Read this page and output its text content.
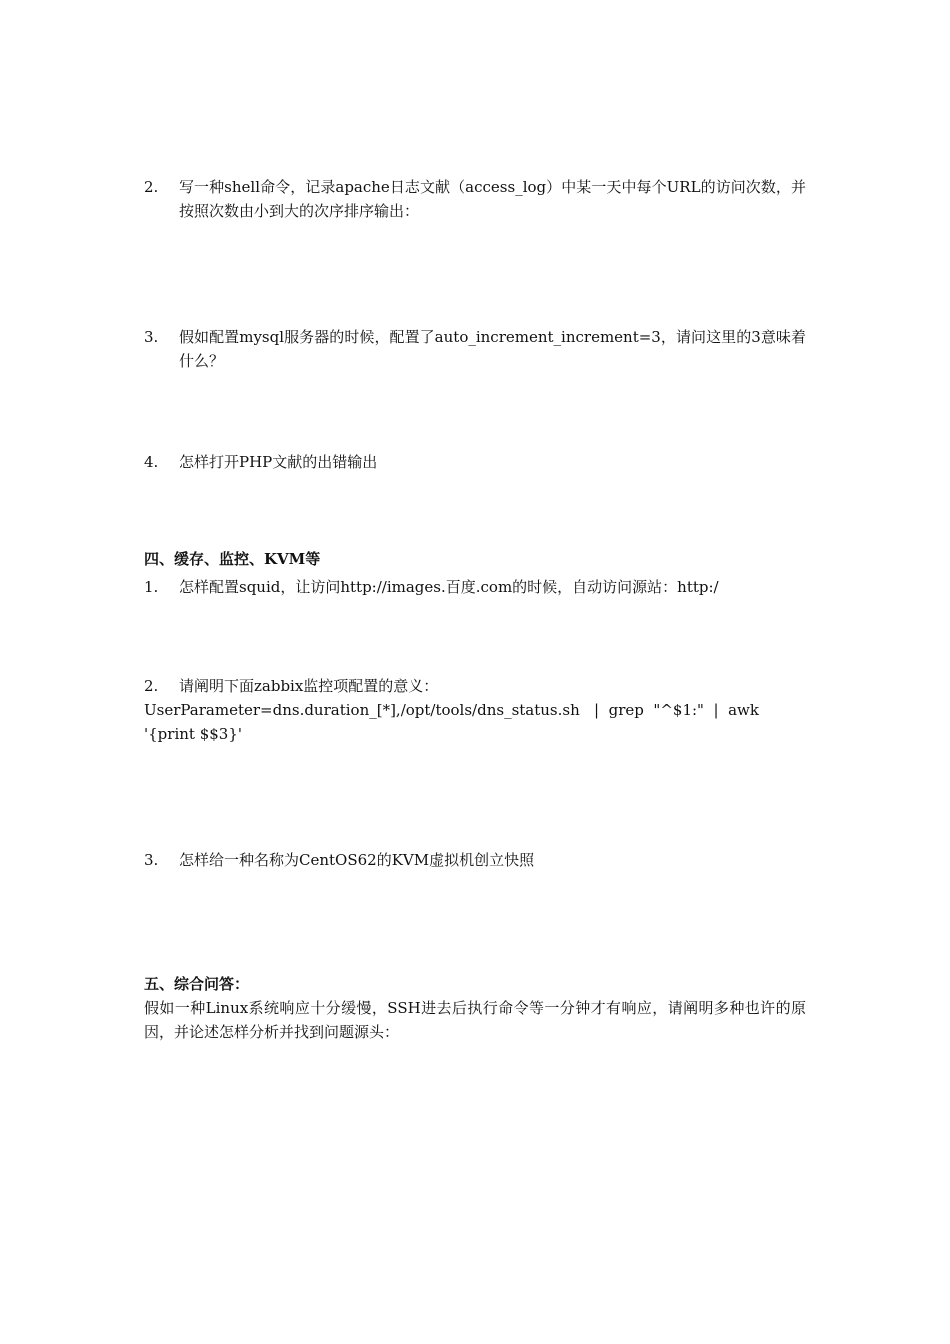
2.	写一种shell命令，记录apache日志文献（access_log）中某一天中每个URL的访问次数，并按照次数由小到大的次序排序输出：
3.	假如配置mysql服务器的时候，配置了auto_increment_increment=3，请问这里的3意味着什么？
4.	怎样打开PHP文献的出错输出
四、缓存、监控、KVM等
1.	怎样配置squid，让访问http://images.百度.com的时候，自动访问源站：http:/
2.	请阐明下面zabbix监控项配置的意义：
UserParameter=dns.duration_[*],/opt/tools/dns_status.sh   |  grep  "^$1:"  |  awk
'{print $$3}'
3.	怎样给一种名称为CentOS62的KVM虚拟机创立快照
五、综合问答：
假如一种Linux系统响应十分缓慢，SSH进去后执行命令等一分钟才有响应，请阐明多种也许的原因，并论述怎样分析并找到问题源头：
